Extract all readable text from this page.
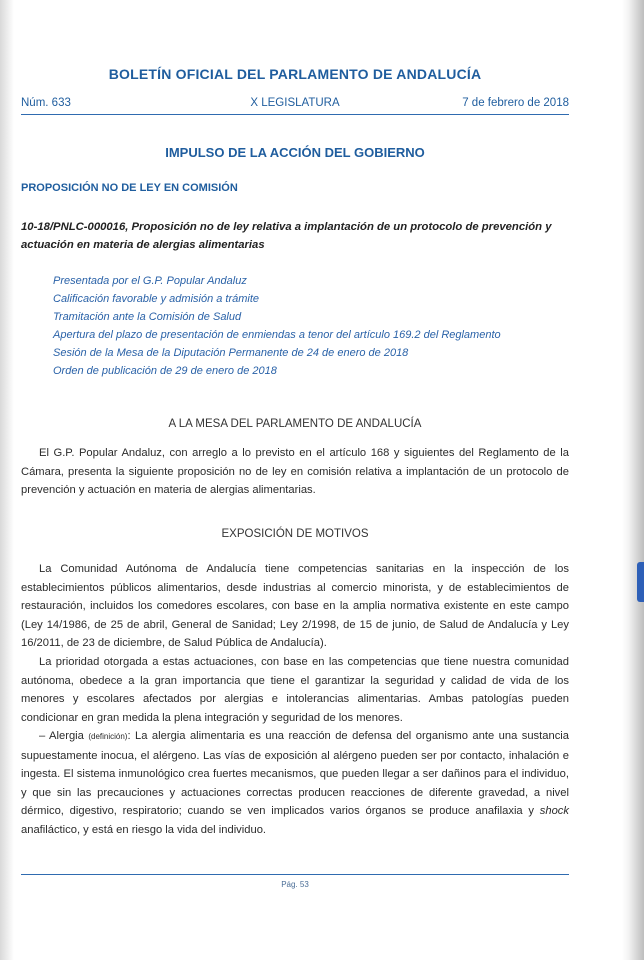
BOLETÍN OFICIAL DEL PARLAMENTO DE ANDALUCÍA
Núm. 633	X LEGISLATURA	7 de febrero de 2018
IMPULSO DE LA ACCIÓN DEL GOBIERNO
PROPOSICIÓN NO DE LEY EN COMISIÓN
10-18/PNLC-000016, Proposición no de ley relativa a implantación de un protocolo de prevención y actuación en materia de alergias alimentarias
Presentada por el G.P. Popular Andaluz
Calificación favorable y admisión a trámite
Tramitación ante la Comisión de Salud
Apertura del plazo de presentación de enmiendas a tenor del artículo 169.2 del Reglamento
Sesión de la Mesa de la Diputación Permanente de 24 de enero de 2018
Orden de publicación de 29 de enero de 2018
A LA MESA DEL PARLAMENTO DE ANDALUCÍA

El G.P. Popular Andaluz, con arreglo a lo previsto en el artículo 168 y siguientes del Reglamento de la Cámara, presenta la siguiente proposición no de ley en comisión relativa a implantación de un protocolo de prevención y actuación en materia de alergias alimentarias.

EXPOSICIÓN DE MOTIVOS

La Comunidad Autónoma de Andalucía tiene competencias sanitarias en la inspección de los establecimientos públicos alimentarios, desde industrias al comercio minorista, y de establecimientos de restauración, incluidos los comedores escolares, con base en la amplia normativa existente en este campo (Ley 14/1986, de 25 de abril, General de Sanidad; Ley 2/1998, de 15 de junio, de Salud de Andalucía y Ley 16/2011, de 23 de diciembre, de Salud Pública de Andalucía).

La prioridad otorgada a estas actuaciones, con base en las competencias que tiene nuestra comunidad autónoma, obedece a la gran importancia que tiene el garantizar la seguridad y calidad de vida de los menores y escolares afectados por alergias e intolerancias alimentarias. Ambas patologías pueden condicionar en gran medida la plena integración y seguridad de los menores.

– Alergia (definición): La alergia alimentaria es una reacción de defensa del organismo ante una sustancia supuestamente inocua, el alérgeno. Las vías de exposición al alérgeno pueden ser por contacto, inhalación e ingesta. El sistema inmunológico crea fuertes mecanismos, que pueden llegar a ser dañinos para el individuo, y que sin las precauciones y actuaciones correctas producen reacciones de diferente gravedad, a nivel dérmico, digestivo, respiratorio; cuando se ven implicados varios órganos se produce anafilaxia y shock anafiláctico, y está en riesgo la vida del individuo.

Pág. 53
